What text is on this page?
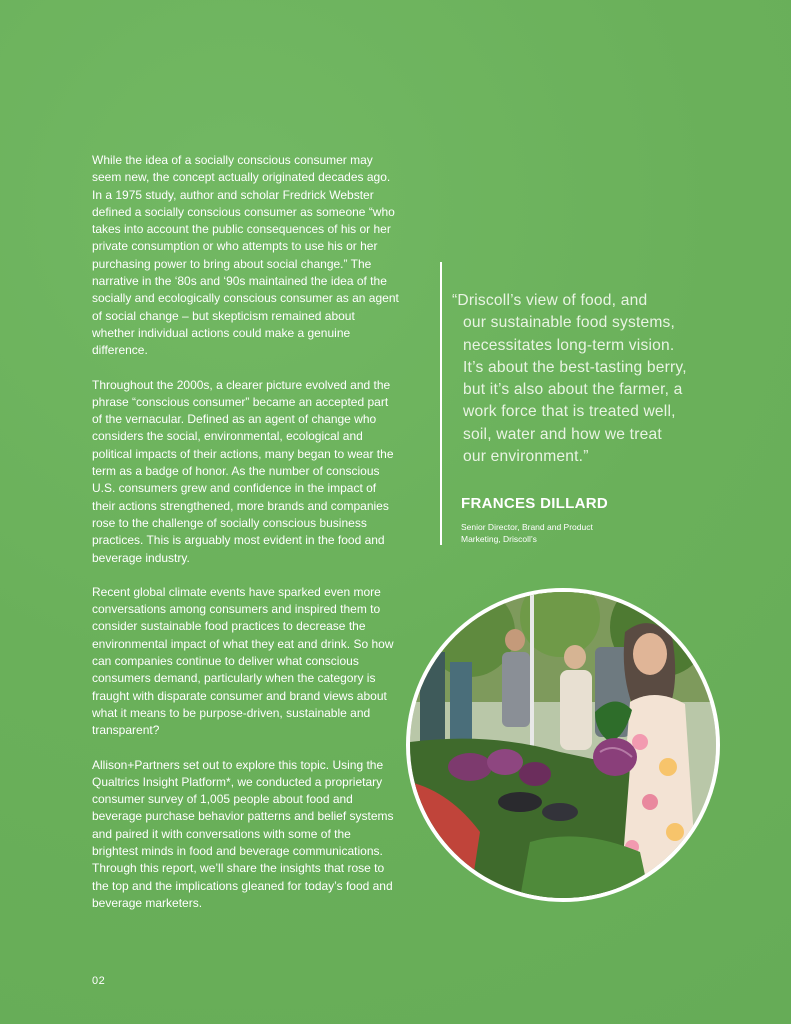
While the idea of a socially conscious consumer may seem new, the concept actually originated decades ago. In a 1975 study, author and scholar Fredrick Webster defined a socially conscious consumer as someone “who takes into account the public consequences of his or her private consumption or who attempts to use his or her purchasing power to bring about social change.” The narrative in the ‘80s and ‘90s maintained the idea of the socially and ecologically conscious consumer as an agent of social change – but skepticism remained about whether individual actions could make a genuine difference.

Throughout the 2000s, a clearer picture evolved and the phrase “conscious consumer” became an accepted part of the vernacular. Defined as an agent of change who considers the social, environmental, ecological and political impacts of their actions, many began to wear the term as a badge of honor. As the number of conscious U.S. consumers grew and confidence in the impact of their actions strengthened, more brands and companies rose to the challenge of socially conscious business practices. This is arguably most evident in the food and beverage industry.

Recent global climate events have sparked even more conversations among consumers and inspired them to consider sustainable food practices to decrease the environmental impact of what they eat and drink. So how can companies continue to deliver what conscious consumers demand, particularly when the category is fraught with disparate consumer and brand views about what it means to be purpose-driven, sustainable and transparent?

Allison+Partners set out to explore this topic. Using the Qualtrics Insight Platform*, we conducted a proprietary consumer survey of 1,005 people about food and beverage purchase behavior patterns and belief systems and paired it with conversations with some of the brightest minds in food and beverage communications. Through this report, we’ll share the insights that rose to the top and the implications gleaned for today’s food and beverage marketers.

“Driscoll’s view of food, and
our sustainable food systems,
necessitates long-term vision.
It’s about the best-tasting berry,
but it’s also about the farmer, a
work force that is treated well,
soil, water and how we treat
our environment.”
FRANCES DILLARD
Senior Director, Brand and Product Marketing, Driscoll’s
02
